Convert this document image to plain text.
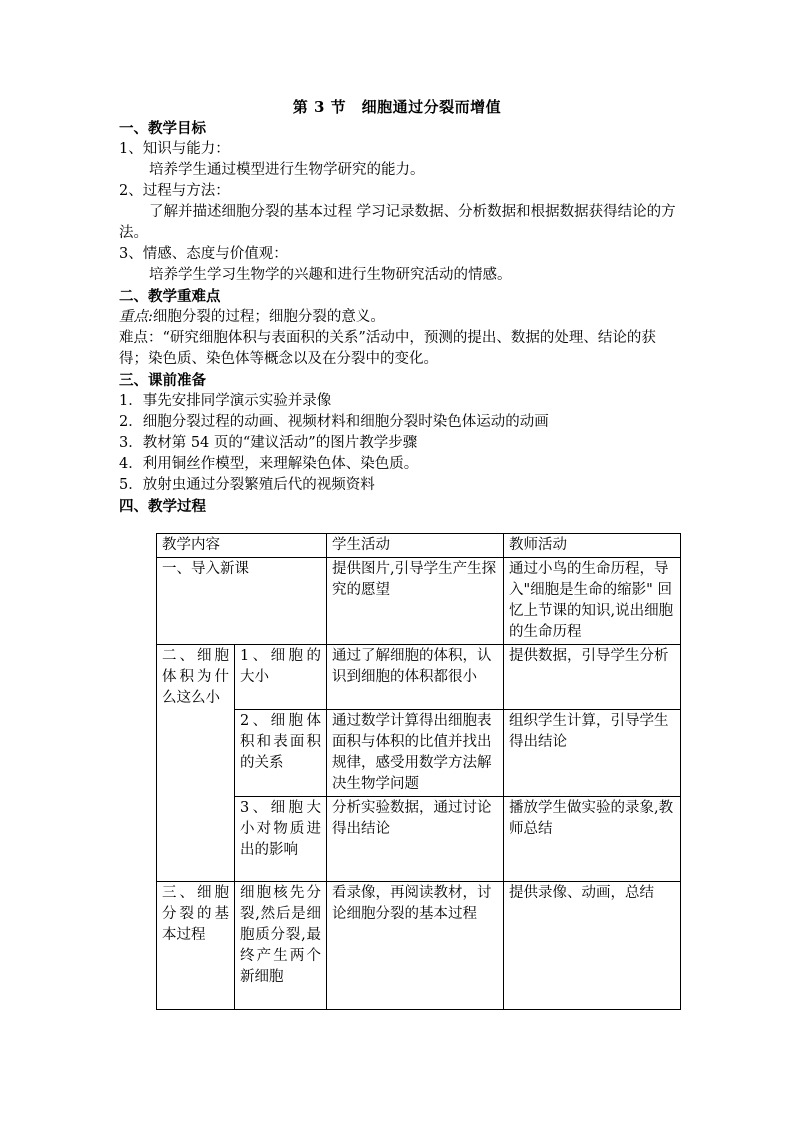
第 3 节　细胞通过分裂而增值
一、教学目标
1、知识与能力：
培养学生通过模型进行生物学研究的能力。
2、过程与方法：
了解并描述细胞分裂的基本过程 学习记录数据、分析数据和根据数据获得结论的方法。
3、情感、态度与价值观：
培养学生学习生物学的兴趣和进行生物研究活动的情感。
二、教学重难点
重点:细胞分裂的过程；细胞分裂的意义。
难点：“研究细胞体积与表面积的关系”活动中，预测的提出、数据的处理、结论的获得；染色质、染色体等概念以及在分裂中的变化。
三、课前准备
1．事先安排同学演示实验并录像
2．细胞分裂过程的动画、视频材料和细胞分裂时染色体运动的动画
3．教材第 54 页的“建议活动”的图片教学步骤
4．利用铜丝作模型，来理解染色体、染色质。
5．放射虫通过分裂繁殖后代的视频资料
四、教学过程
教学内容		学生活动	教师活动
一、导入新课		提供图片,引导学生产生探究的愿望	通过小鸟的生命历程，导入"细胞是生命的缩影" 回忆上节课的知识,说出细胞的生命历程
二、细胞体积为什么这么小	1、细胞的大小	通过了解细胞的体积，认识到细胞的体积都很小	提供数据，引导学生分析
	2、细胞体积和表面积的关系	通过数学计算得出细胞表面积与体积的比值并找出规律，感受用数学方法解决生物学问题	组织学生计算，引导学生得出结论
	3、细胞大小对物质进出的影响	分析实验数据，通过讨论得出结论	播放学生做实验的录象,教师总结
三、细胞分裂的基本过程	细胞核先分裂,然后是细胞质分裂,最终产生两个新细胞	看录像，再阅读教材，讨论细胞分裂的基本过程	提供录像、动画，总结
